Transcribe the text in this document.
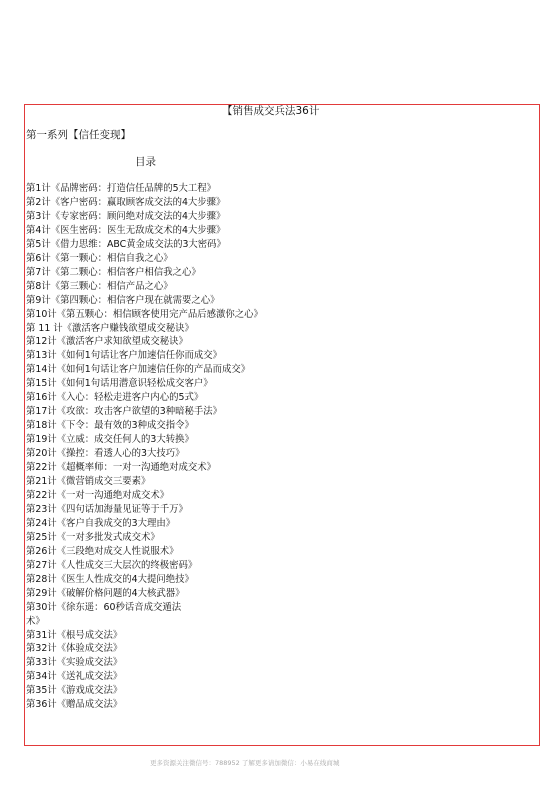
【销售成交兵法36计
第一系列【信任变现】
目录
第1计《品牌密码：打造信任品牌的5大工程》
第2计《客户密码：赢取顾客成交法的4大步骤》
第3计《专家密码：顾问绝对成交法的4大步骤》
第4计《医生密码：医生无敌成交术的4大步骤》
第5计《借力思维：ABC黄金成交法的3大密码》
第6计《第一颗心：相信自我之心》
第7计《第二颗心：相信客户相信我之心》
第8计《第三颗心：相信产品之心》
第9计《第四颗心：相信客户现在就需要之心》
第10计《第五颗心：相信顾客使用完产品后感激你之心》
第 11 计《激活客户赚钱欲望成交秘诀》
第12计《激活客户求知欲望成交秘诀》
第13计《如何1句话让客户加速信任你而成交》
第14计《如何1句话让客户加速信任你的产品而成交》
第15计《如何1句话用潜意识轻松成交客户》
第16计《入心：轻松走进客户内心的5式》
第17计《攻欲：攻击客户欲望的3种暗秘手法》
第18计《下令：最有效的3种成交指令》
第19计《立威：成交任何人的3大转换》
第20计《操控：看透人心的3大技巧》
第22计《超概率师：一对一沟通绝对成交术》
第21计《微营销成交三要素》
第22计《一对一沟通绝对成交术》
第23计《四句话加海量见证等于千万》
第24计《客户自我成交的3大理由》
第25计《一对多批发式成交术》
第26计《三段绝对成交人性说服术》
第27计《人性成交三大层次的终极密码》
第28计《医生人性成交的4大提问绝技》
第29计《破解价格问题的4大核武器》
第30计《徐东遥：60秒话音成交遁法
术》
第31计《根号成交法》
第32计《体验成交法》
第33计《实验成交法》
第34计《送礼成交法》
第35计《游戏成交法》
第36计《赠品成交法》
更多资源关注微信号：788952 了解更多请加微信：小易在线商城
